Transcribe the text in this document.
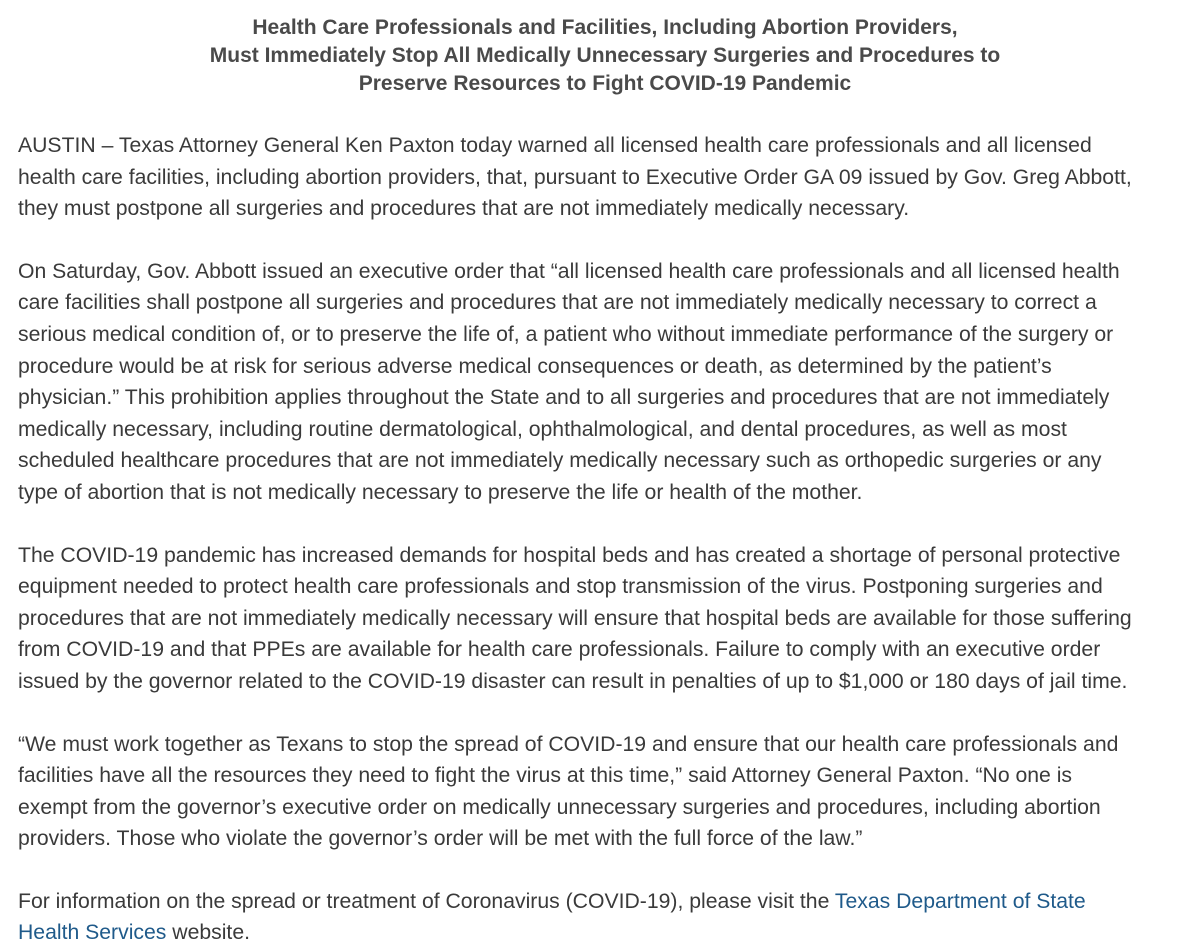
Health Care Professionals and Facilities, Including Abortion Providers,
Must Immediately Stop All Medically Unnecessary Surgeries and Procedures to
Preserve Resources to Fight COVID-19 Pandemic
AUSTIN – Texas Attorney General Ken Paxton today warned all licensed health care professionals and all licensed
health care facilities, including abortion providers, that, pursuant to Executive Order GA 09 issued by Gov. Greg Abbott,
they must postpone all surgeries and procedures that are not immediately medically necessary.
On Saturday, Gov. Abbott issued an executive order that “all licensed health care professionals and all licensed health
care facilities shall postpone all surgeries and procedures that are not immediately medically necessary to correct a
serious medical condition of, or to preserve the life of, a patient who without immediate performance of the surgery or
procedure would be at risk for serious adverse medical consequences or death, as determined by the patient’s
physician.” This prohibition applies throughout the State and to all surgeries and procedures that are not immediately
medically necessary, including routine dermatological, ophthalmological, and dental procedures, as well as most
scheduled healthcare procedures that are not immediately medically necessary such as orthopedic surgeries or any
type of abortion that is not medically necessary to preserve the life or health of the mother.
The COVID-19 pandemic has increased demands for hospital beds and has created a shortage of personal protective
equipment needed to protect health care professionals and stop transmission of the virus. Postponing surgeries and
procedures that are not immediately medically necessary will ensure that hospital beds are available for those suffering
from COVID-19 and that PPEs are available for health care professionals. Failure to comply with an executive order
issued by the governor related to the COVID-19 disaster can result in penalties of up to $1,000 or 180 days of jail time.
“We must work together as Texans to stop the spread of COVID-19 and ensure that our health care professionals and
facilities have all the resources they need to fight the virus at this time,” said Attorney General Paxton. “No one is
exempt from the governor’s executive order on medically unnecessary surgeries and procedures, including abortion
providers. Those who violate the governor’s order will be met with the full force of the law.”
For information on the spread or treatment of Coronavirus (COVID-19), please visit the Texas Department of State
Health Services website.
